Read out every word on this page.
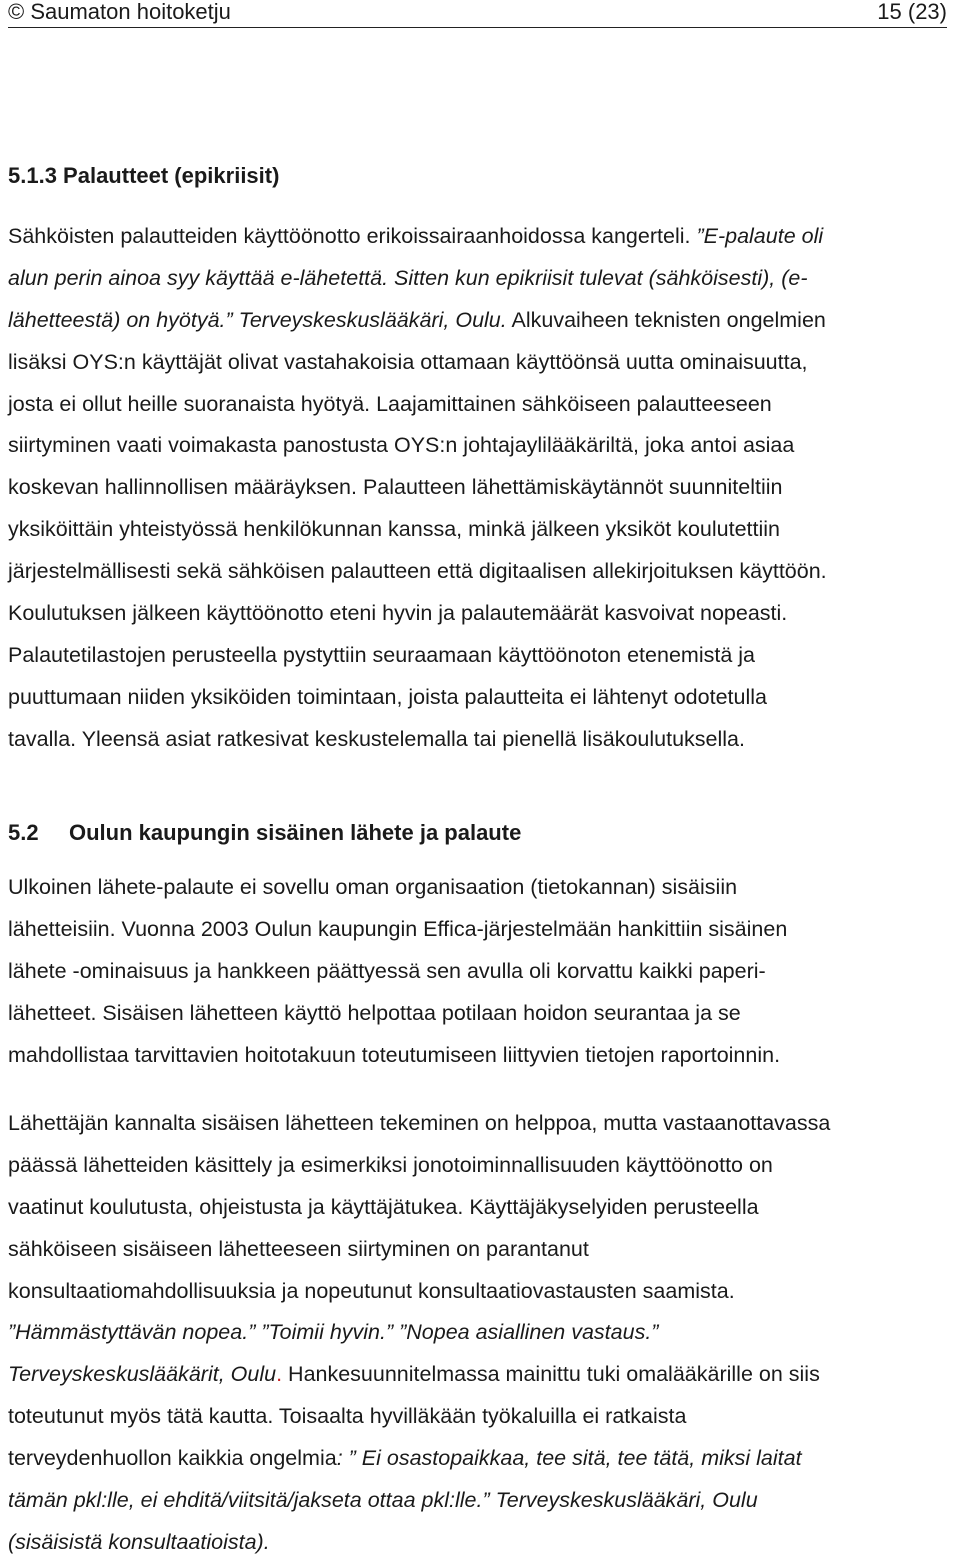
© Saumaton hoitoketju	15 (23)
5.1.3 Palautteet (epikriisit)
Sähköisten palautteiden käyttöönotto erikoissairaanhoidossa kangerteli. ”E-palaute oli
alun perin ainoa syy käyttää e-lähetettä. Sitten kun epikriisit tulevat (sähköisesti), (e-
lähetteestä) on hyötyä.” Terveyskeskuslääkäri, Oulu. Alkuvaiheen teknisten ongelmien
lisäksi OYS:n käyttäjät olivat vastahakoisia ottamaan käyttöönsä uutta ominaisuutta,
josta ei ollut heille suoranaista hyötyä. Laajamittainen sähköiseen palautteeseen
siirtyminen vaati voimakasta panostusta OYS:n johtajaylilääkäriltä, joka antoi asiaa
koskevan hallinnollisen määräyksen. Palautteen lähettämiskäytännöt suunniteltiin
yksiköittäin yhteistyössä henkilökunnan kanssa, minkä jälkeen yksiköt koulutettiin
järjestelmällisesti sekä sähköisen palautteen että digitaalisen allekirjoituksen käyttöön.
Koulutuksen jälkeen käyttöönotto eteni hyvin ja palautemäärät kasvoivat nopeasti.
Palautetilastojen perusteella pystyttiin seuraamaan käyttöönoton etenemistä ja
puuttumaan niiden yksiköiden toimintaan, joista palautteita ei lähtenyt odotetulla
tavalla. Yleensä asiat ratkesivat keskustelemalla tai pienellä lisäkoulutuksella.
5.2 Oulun kaupungin sisäinen lähete ja palaute
Ulkoinen lähete-palaute ei sovellu oman organisaation (tietokannan) sisäisiin
lähetteisiin. Vuonna 2003 Oulun kaupungin Effica-järjestelmään hankittiin sisäinen
lähete -ominaisuus ja hankkeen päättyessä sen avulla oli korvattu kaikki paperi-
lähetteet. Sisäisen lähetteen käyttö helpottaa potilaan hoidon seurantaa ja se
mahdollistaa tarvittavien hoitotakuun toteutumiseen liittyvien tietojen raportoinnin.
Lähettäjän kannalta sisäisen lähetteen tekeminen on helppoa, mutta vastaanottavassa
päässä lähetteiden käsittely ja esimerkiksi jonotoiminnallisuuden käyttöönotto on
vaatinut koulutusta, ohjeistusta ja käyttäjätukea. Käyttäjäkyselyiden perusteella
sähköiseen sisäiseen lähetteeseen siirtyminen on parantanut
konsultaatiomahdollisuuksia ja nopeutunut konsultaatiovastausten saamista.
”Hämmästyttävän nopea.” ”Toimii hyvin.” ”Nopea asiallinen vastaus.”
Terveyskeskuslääkärit, Oulu. Hankesuunnitelmassa mainittu tuki omalääkärille on siis
toteutunut myös tätä kautta. Toisaalta hyvilläkään työkaluilla ei ratkaista
terveydenhuollon kaikkia ongelmia: ” Ei osastopaikkaa, tee sitä, tee tätä, miksi laitat
tämän pkl:lle, ei ehditä/viitsitä/jakseta ottaa pkl:lle.” Terveyskeskuslääkäri, Oulu
(sisäisistä konsultaatioista).
